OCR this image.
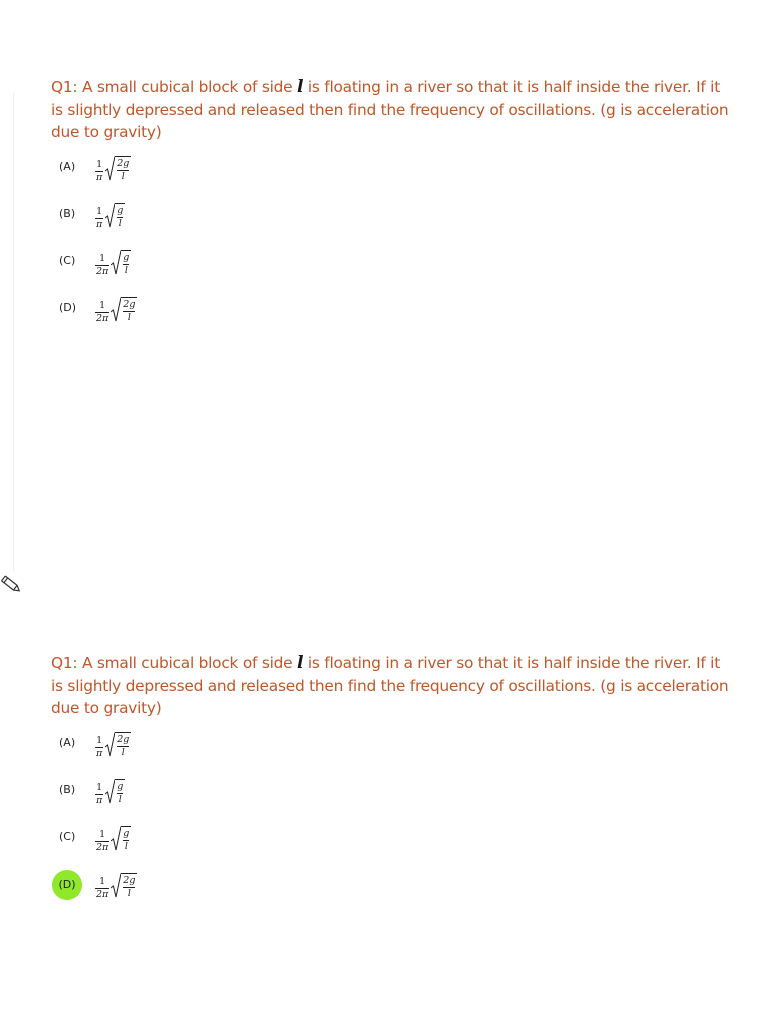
Q1: A small cubical block of side l is floating in a river so that it is half inside the river. If it is slightly depressed and released then find the frequency of oscillations. (g is acceleration due to gravity)
$(A) \frac{1}{\pi} 2g$
l
$(B) \frac{1}{\pi}$ g
l
$(C) \frac{1}{2\pi}$ g
l
$(D) \frac{1}{2\pi} 2g$
l
Q1: A small cubical block of side l is floating in a river so that it is half inside the river. If it is slightly depressed and released then find the frequency of oscillations. (g is acceleration due to gravity)
$(A) \frac{1}{\pi} 2g$
l
$(B) \frac{1}{\pi}$ g
l
$(C) \frac{1}{2\pi}$ g
l
(D)	$\frac{1}{2\pi} 2g$
l
